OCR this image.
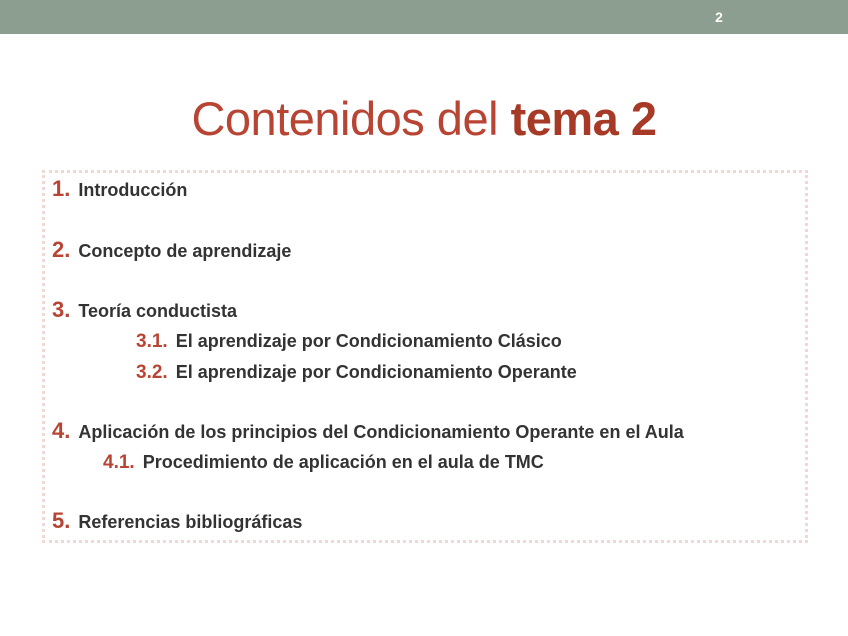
2
Contenidos del tema 2
1. Introducción
2. Concepto de aprendizaje
3. Teoría conductista
3.1. El aprendizaje por Condicionamiento Clásico
3.2. El aprendizaje por Condicionamiento Operante
4. Aplicación de los principios del Condicionamiento Operante en el Aula
4.1. Procedimiento de aplicación en el aula de TMC
5. Referencias bibliográficas
